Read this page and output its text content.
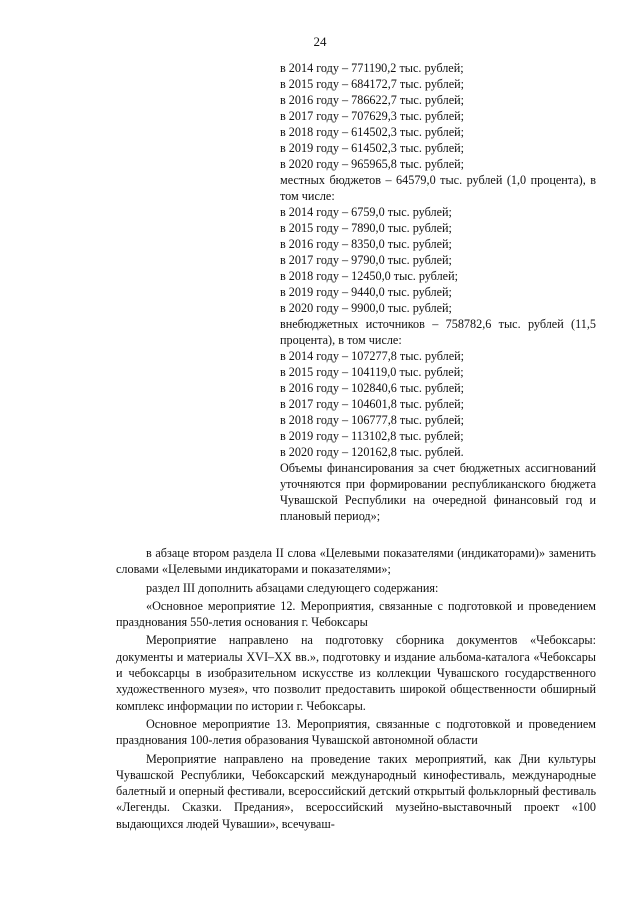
24
в 2014 году – 771190,2 тыс. рублей;
в 2015 году – 684172,7 тыс. рублей;
в 2016 году – 786622,7 тыс. рублей;
в 2017 году – 707629,3 тыс. рублей;
в 2018 году – 614502,3 тыс. рублей;
в 2019 году – 614502,3 тыс. рублей;
в 2020 году – 965965,8 тыс. рублей;
местных бюджетов – 64579,0 тыс. рублей (1,0 процента), в том числе:
в 2014 году – 6759,0 тыс. рублей;
в 2015 году – 7890,0 тыс. рублей;
в 2016 году – 8350,0 тыс. рублей;
в 2017 году – 9790,0 тыс. рублей;
в 2018 году – 12450,0 тыс. рублей;
в 2019 году – 9440,0 тыс. рублей;
в 2020 году – 9900,0 тыс. рублей;
внебюджетных источников – 758782,6 тыс. рублей (11,5 процента), в том числе:
в 2014 году – 107277,8 тыс. рублей;
в 2015 году – 104119,0 тыс. рублей;
в 2016 году – 102840,6 тыс. рублей;
в 2017 году – 104601,8 тыс. рублей;
в 2018 году – 106777,8 тыс. рублей;
в 2019 году – 113102,8 тыс. рублей;
в 2020 году – 120162,8 тыс. рублей.
Объемы финансирования за счет бюджетных ассигнований уточняются при формировании республиканского бюджета Чувашской Республики на очередной финансовый год и плановый период»;

в абзаце втором раздела II слова «Целевыми показателями (индикаторами)» заменить словами «Целевыми индикаторами и показателями»;

раздел III дополнить абзацами следующего содержания:

«Основное мероприятие 12. Мероприятия, связанные с подготовкой и проведением празднования 550-летия основания г. Чебоксары

Мероприятие направлено на подготовку сборника документов «Чебоксары: документы и материалы XVI–XX вв.», подготовку и издание альбома-каталога «Чебоксары и чебоксарцы в изобразительном искусстве из коллекции Чувашского государственного художественного музея», что позволит предоставить широкой общественности обширный комплекс информации по истории г. Чебоксары.

Основное мероприятие 13. Мероприятия, связанные с подготовкой и проведением празднования 100-летия образования Чувашской автономной области

Мероприятие направлено на проведение таких мероприятий, как Дни культуры Чувашской Республики, Чебоксарский международный кинофестиваль, международные балетный и оперный фестивали, всероссийский детский открытый фольклорный фестиваль «Легенды. Сказки. Предания», всероссийский музейно-выставочный проект «100 выдающихся людей Чувашии», всечуваш-
